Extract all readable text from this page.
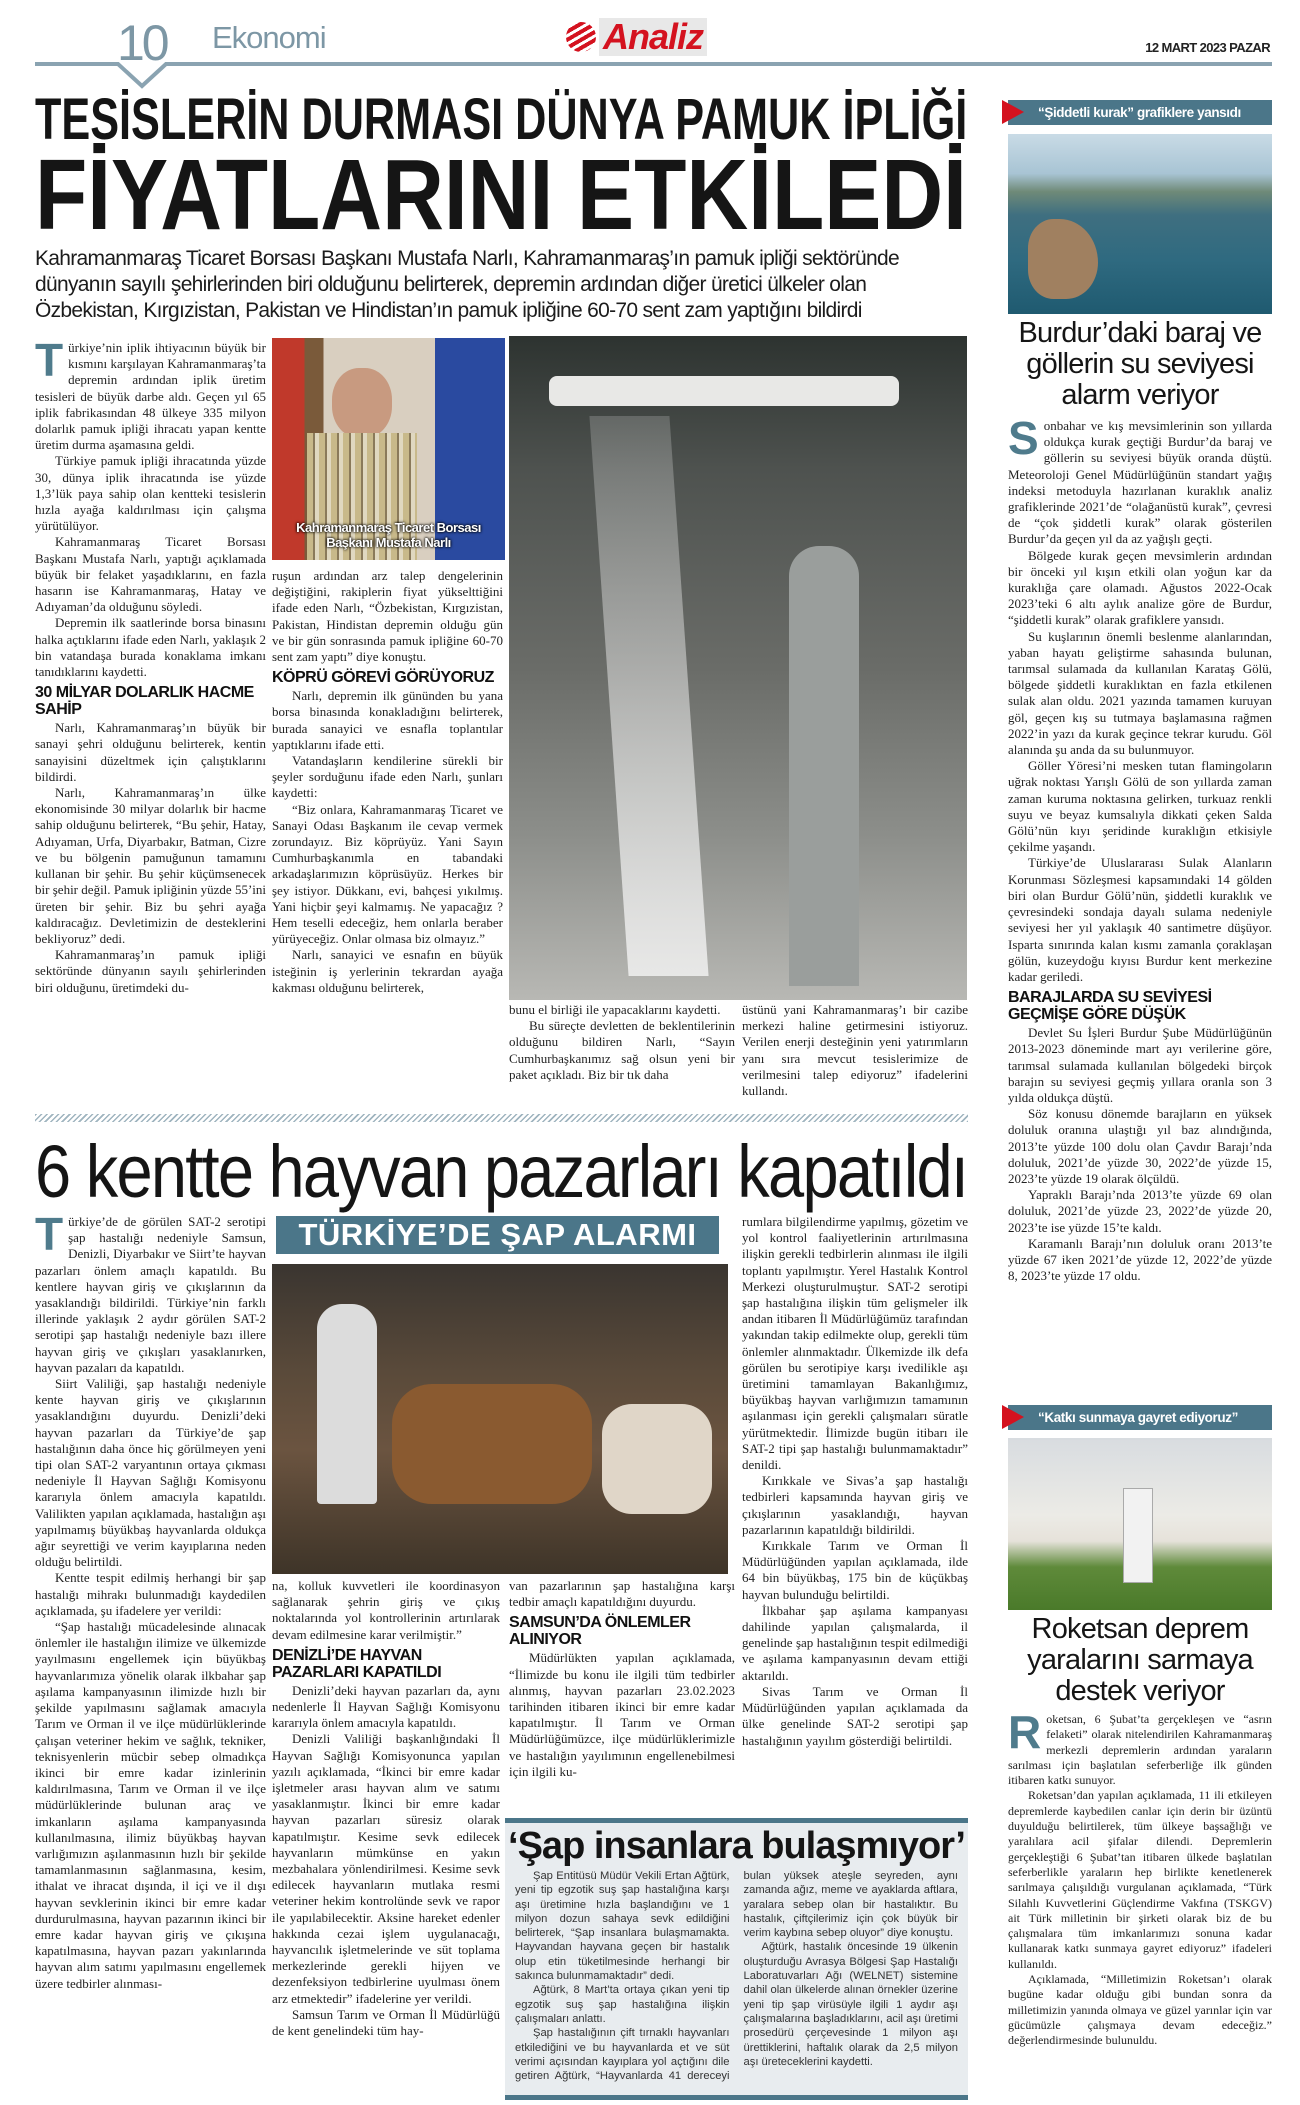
10 Ekonomi	Analiz	12 MART 2023 PAZAR
TESİSLERİN DURMASI DÜNYA PAMUK İPLİĞİ
FİYATLARINI ETKİLEDİ
Kahramanmaraş Ticaret Borsası Başkanı Mustafa Narlı, Kahramanmaraş’ın pamuk ipliği sektöründe dünyanın sayılı şehirlerinden biri olduğunu belirterek, depremin ardından diğer üretici ülkeler olan Özbekistan, Kırgızistan, Pakistan ve Hindistan’ın pamuk ipliğine 60-70 sent zam yaptığını bildirdi

Türkiye’nin iplik ihtiyacının büyük bir kısmını karşılayan Kahramanmaraş’ta depremin ardından iplik üretim tesisleri de büyük darbe aldı. Geçen yıl 65 iplik fabrikasından 48 ülkeye 335 milyon dolarlık pamuk ipliği ihracatı yapan kentte üretim durma aşamasına geldi.

Türkiye pamuk ipliği ihracatında yüzde 30, dünya iplik ihracatında ise yüzde 1,3’lük paya sahip olan kentteki tesislerin hızla ayağa kaldırılması için çalışma yürütülüyor.

Kahramanmaraş Ticaret Borsası Başkanı Mustafa Narlı, yaptığı açıklamada büyük bir felaket yaşadıklarını, en fazla hasarın ise Kahramanmaraş, Hatay ve Adıyaman’da olduğunu söyledi.

Depremin ilk saatlerinde borsa binasını halka açtıklarını ifade eden Narlı, yaklaşık 2 bin vatandaşa burada konaklama imkanı tanıdıklarını kaydetti.

30 MİLYAR DOLARLIK HACME SAHİP

Narlı, Kahramanmaraş’ın büyük bir sanayi şehri olduğunu belirterek, kentin sanayisini düzeltmek için çalıştıklarını bildirdi.

Narlı, Kahramanmaraş’ın ülke ekonomisinde 30 milyar dolarlık bir hacme sahip olduğunu belirterek, “Bu şehir, Hatay, Adıyaman, Urfa, Diyarbakır, Batman, Cizre ve bu bölgenin pamuğunun tamamını kullanan bir şehir. Bu şehir küçümsenecek bir şehir değil. Pamuk ipliğinin yüzde 55’ini üreten bir şehir. Biz bu şehri ayağa kaldıracağız. Devletimizin de desteklerini bekliyoruz” dedi.

Kahramanmaraş’ın pamuk ipliği sektöründe dünyanın sayılı şehirlerinden biri olduğunu, üretimdeki du-

Kahramanmaraş Ticaret Borsası Başkanı Mustafa Narlı

ruşun ardından arz talep dengelerinin değiştiğini, rakiplerin fiyat yükselttiğini ifade eden Narlı, “Özbekistan, Kırgızistan, Pakistan, Hindistan depremin olduğu gün ve bir gün sonrasında pamuk ipliğine 60-70 sent zam yaptı” diye konuştu.

KÖPRÜ GÖREVİ GÖRÜYORUZ

Narlı, depremin ilk gününden bu yana borsa binasında konakladığını belirterek, burada sanayici ve esnafla toplantılar yaptıklarını ifade etti.

Vatandaşların kendilerine sürekli bir şeyler sorduğunu ifade eden Narlı, şunları kaydetti:

“Biz onlara, Kahramanmaraş Ticaret ve Sanayi Odası Başkanım ile cevap vermek zorundayız. Biz köprüyüz. Yani Sayın Cumhurbaşkanımla en tabandaki arkadaşlarımızın köprüsüyüz. Herkes bir şey istiyor. Dükkanı, evi, bahçesi yıkılmış. Yani hiçbir şeyi kalmamış. Ne yapacağız ? Hem teselli edeceğiz, hem onlarla beraber yürüyeceğiz. Onlar olmasa biz olmayız.”

Narlı, sanayici ve esnafın en büyük isteğinin iş yerlerinin tekrardan ayağa kakması olduğunu belirterek,

bunu el birliği ile yapacaklarını kaydetti.

Bu süreçte devletten de beklentilerinin olduğunu bildiren Narlı, “Sayın Cumhurbaşkanımız sağ olsun yeni bir paket açıkladı. Biz bir tık daha

üstünü yani Kahramanmaraş’ı bir cazibe merkezi haline getirmesini istiyoruz. Verilen enerji desteğinin yeni yatırımların yanı sıra mevcut tesislerimize de verilmesini talep ediyoruz” ifadelerini kullandı.

6 kentte hayvan pazarları kapatıldı

Türkiye’de de görülen SAT-2 serotipi şap hastalığı nedeniyle Samsun, Denizli, Diyarbakır ve Siirt’te hayvan pazarları önlem amaçlı kapatıldı. Bu kentlere hayvan giriş ve çıkışlarının da yasaklandığı bildirildi. Türkiye’nin farklı illerinde yaklaşık 2 aydır görülen SAT-2 serotipi şap hastalığı nedeniyle bazı illere hayvan giriş ve çıkışları yasaklanırken, hayvan pazaları da kapatıldı.

Siirt Valiliği, şap hastalığı nedeniyle kente hayvan giriş ve çıkışlarının yasaklandığını duyurdu. Denizli’deki hayvan pazarları da Türkiye’de şap hastalığının daha önce hiç görülmeyen yeni tipi olan SAT-2 varyantının ortaya çıkması nedeniyle İl Hayvan Sağlığı Komisyonu kararıyla önlem amacıyla kapatıldı. Valilikten yapılan açıklamada, hastalığın aşı yapılmamış büyükbaş hayvanlarda oldukça ağır seyrettiği ve verim kayıplarına neden olduğu belirtildi.

Kentte tespit edilmiş herhangi bir şap hastalığı mihrakı bulunmadığı kaydedilen açıklamada, şu ifadelere yer verildi:

“Şap hastalığı mücadelesinde alınacak önlemler ile hastalığın ilimize ve ülkemizde yayılmasını engellemek için büyükbaş hayvanlarımıza yönelik olarak ilkbahar şap aşılama kampanyasının ilimizde hızlı bir şekilde yapılmasını sağlamak amacıyla Tarım ve Orman il ve ilçe müdürlüklerinde çalışan veteriner hekim ve sağlık, tekniker, teknisyenlerin mücbir sebep olmadıkça ikinci bir emre kadar izinlerinin kaldırılmasına, Tarım ve Orman il ve ilçe müdürlüklerinde bulunan araç ve imkanların aşılama kampanyasında kullanılmasına, ilimiz büyükbaş hayvan varlığımızın aşılanmasının hızlı bir şekilde tamamlanmasının sağlanmasına, kesim, ithalat ve ihracat dışında, il içi ve il dışı hayvan sevklerinin ikinci bir emre kadar durdurulmasına, hayvan pazarının ikinci bir emre kadar hayvan giriş ve çıkışına kapatılmasına, hayvan pazarı yakınlarında hayvan alım satımı yapılmasını engellemek üzere tedbirler alınması-

TÜRKİYE’DE ŞAP ALARMI

na, kolluk kuvvetleri ile koordinasyon sağlanarak şehrin giriş ve çıkış noktalarında yol kontrollerinin artırılarak devam edilmesine karar verilmiştir.”

DENİZLİ’DE HAYVAN PAZARLARI KAPATILDI

Denizli’deki hayvan pazarları da, aynı nedenlerle İl Hayvan Sağlığı Komisyonu kararıyla önlem amacıyla kapatıldı.

Denizli Valiliği başkanlığındaki İl Hayvan Sağlığı Komisyonunca yapılan yazılı açıklamada, “İkinci bir emre kadar işletmeler arası hayvan alım ve satımı yasaklanmıştır. İkinci bir emre kadar hayvan pazarları süresiz olarak kapatılmıştır. Kesime sevk edilecek hayvanların mümkünse en yakın mezbahalara yönlendirilmesi. Kesime sevk edilecek hayvanların mutlaka resmi veteriner hekim kontrolünde sevk ve rapor ile yapılabilecektir. Aksine hareket edenler hakkında cezai işlem uygulanacağı, hayvancılık işletmelerinde ve süt toplama merkezlerinde gerekli hijyen ve dezenfeksiyon tedbirlerine uyulması önem arz etmektedir” ifadelerine yer verildi.

Samsun Tarım ve Orman İl Müdürlüğü de kent genelindeki tüm hay-

van pazarlarının şap hastalığına karşı tedbir amaçlı kapatıldığını duyurdu.

SAMSUN’DA ÖNLEMLER ALINIYOR

Müdürlükten yapılan açıklamada, “İlimizde bu konu ile ilgili tüm tedbirler alınmış, hayvan pazarları 23.02.2023 tarihinden itibaren ikinci bir emre kadar kapatılmıştır. İl Tarım ve Orman Müdürlüğümüzce, ilçe müdürlüklerimizle ve hastalığın yayılımının engellenebilmesi için ilgili ku-

rumlara bilgilendirme yapılmış, gözetim ve yol kontrol faaliyetlerinin artırılmasına ilişkin gerekli tedbirlerin alınması ile ilgili toplantı yapılmıştır. Yerel Hastalık Kontrol Merkezi oluşturulmuştur. SAT-2 serotipi şap hastalığına ilişkin tüm gelişmeler ilk andan itibaren İl Müdürlüğümüz tarafından yakından takip edilmekte olup, gerekli tüm önlemler alınmaktadır. Ülkemizde ilk defa görülen bu serotipiye karşı ivedilikle aşı üretimini tamamlayan Bakanlığımız, büyükbaş hayvan varlığımızın tamamının aşılanması için gerekli çalışmaları süratle yürütmektedir. İlimizde bugün itibarı ile SAT-2 tipi şap hastalığı bulunmamaktadır” denildi.

Kırıkkale ve Sivas’a şap hastalığı tedbirleri kapsamında hayvan giriş ve çıkışlarının yasaklandığı, hayvan pazarlarının kapatıldığı bildirildi.

Kırıkkale Tarım ve Orman İl Müdürlüğünden yapılan açıklamada, ilde 64 bin büyükbaş, 175 bin de küçükbaş hayvan bulunduğu belirtildi.

İlkbahar şap aşılama kampanyası dahilinde yapılan çalışmalarda, il genelinde şap hastalığının tespit edilmediği ve aşılama kampanyasının devam ettiği aktarıldı.

Sivas Tarım ve Orman İl Müdürlüğünden yapılan açıklamada da ülke genelinde SAT-2 serotipi şap hastalığının yayılım gösterdiği belirtildi.

‘Şap insanlara bulaşmıyor’

Şap Entitüsü Müdür Vekili Ertan Ağtürk, yeni tip egzotik suş şap hastalığına karşı aşı üretimine hızla başlandığını ve 1 milyon dozun sahaya sevk edildiğini belirterek, “Şap insanlara bulaşmamakta. Hayvandan hayvana geçen bir hastalık olup etin tüketilmesinde herhangi bir sakınca bulunmamaktadır” dedi.

Ağtürk, 8 Mart’ta ortaya çıkan yeni tip egzotik suş şap hastalığına ilişkin çalışmaları anlattı.

Şap hastalığının çift tırnaklı hayvanları etkilediğini ve bu hayvanlarda et ve süt verimi açısından kayıplara yol açtığını dile getiren Ağtürk, “Hayvanlarda 41 dereceyi bulan yüksek ateşle seyreden, aynı zamanda ağız, meme ve ayaklarda aftlara, yaralara sebep olan bir hastalıktır. Bu hastalık, çiftçilerimiz için çok büyük bir verim kaybına sebep oluyor” diye konuştu.

Ağtürk, hastalık öncesinde 19 ülkenin oluşturduğu Avrasya Bölgesi Şap Hastalığı Laboratuvarları Ağı (WELNET) sistemine dahil olan ülkelerde alınan örnekler üzerine yeni tip şap virüsüyle ilgili 1 aydır aşı çalışmalarına başladıklarını, acil aşı üretimi prosedürü çerçevesinde 1 milyon aşı ürettiklerini, haftalık olarak da 2,5 milyon aşı üreteceklerini kaydetti.

“Şiddetli kurak” grafiklere yansıdı
Burdur’daki baraj ve göllerin su seviyesi alarm veriyor

Sonbahar ve kış mevsimlerinin son yıllarda oldukça kurak geçtiği Burdur’da baraj ve göllerin su seviyesi büyük oranda düştü. Meteoroloji Genel Müdürlüğünün standart yağış indeksi metoduyla hazırlanan kuraklık analiz grafiklerinde 2021’de “olağanüstü kurak”, çevresi de “çok şiddetli kurak” olarak gösterilen Burdur’da geçen yıl da az yağışlı geçti.

Bölgede kurak geçen mevsimlerin ardından bir önceki yıl kışın etkili olan yoğun kar da kuraklığa çare olamadı. Ağustos 2022-Ocak 2023’teki 6 altı aylık analize göre de Burdur, “şiddetli kurak” olarak grafiklere yansıdı.

Su kuşlarının önemli beslenme alanlarından, yaban hayatı geliştirme sahasında bulunan, tarımsal sulamada da kullanılan Karataş Gölü, bölgede şiddetli kuraklıktan en fazla etkilenen sulak alan oldu. 2021 yazında tamamen kuruyan göl, geçen kış su tutmaya başlamasına rağmen 2022’in yazı da kurak geçince tekrar kurudu. Göl alanında şu anda da su bulunmuyor.

Göller Yöresi’ni mesken tutan flamingoların uğrak noktası Yarışlı Gölü de son yıllarda zaman zaman kuruma noktasına gelirken, turkuaz renkli suyu ve beyaz kumsalıyla dikkati çeken Salda Gölü’nün kıyı şeridinde kuraklığın etkisiyle çekilme yaşandı.

Türkiye’de Uluslararası Sulak Alanların Korunması Sözleşmesi kapsamındaki 14 gölden biri olan Burdur Gölü’nün, şiddetli kuraklık ve çevresindeki sondaja dayalı sulama nedeniyle seviyesi her yıl yaklaşık 40 santimetre düşüyor. Isparta sınırında kalan kısmı zamanla çoraklaşan gölün, kuzeydoğu kıyısı Burdur kent merkezine kadar geriledi.

BARAJLARDA SU SEVİYESİ GEÇMİŞE GÖRE DÜŞÜK

Devlet Su İşleri Burdur Şube Müdürlüğünün 2013-2023 döneminde mart ayı verilerine göre, tarımsal sulamada kullanılan bölgedeki birçok barajın su seviyesi geçmiş yıllara oranla son 3 yılda oldukça düştü.

Söz konusu dönemde barajların en yüksek doluluk oranına ulaştığı yıl baz alındığında, 2013’te yüzde 100 dolu olan Çavdır Barajı’nda doluluk, 2021’de yüzde 30, 2022’de yüzde 15, 2023’te yüzde 19 olarak ölçüldü.

Yapraklı Barajı’nda 2013’te yüzde 69 olan doluluk, 2021’de yüzde 23, 2022’de yüzde 20, 2023’te ise yüzde 15’te kaldı.

Karamanlı Barajı’nın doluluk oranı 2013’te yüzde 67 iken 2021’de yüzde 12, 2022’de yüzde 8, 2023’te yüzde 17 oldu.

“Katkı sunmaya gayret ediyoruz”
Roketsan deprem yaralarını sarmaya destek veriyor

Roketsan, 6 Şubat’ta gerçekleşen ve “asrın felaketi” olarak nitelendirilen Kahramanmaraş merkezli depremlerin ardından yaraların sarılması için başlatılan seferberliğe ilk günden itibaren katkı sunuyor.

Roketsan’dan yapılan açıklamada, 11 ili etkileyen depremlerde kaybedilen canlar için derin bir üzüntü duyulduğu belirtilerek, tüm ülkeye başsağlığı ve yaralılara acil şifalar dilendi. Depremlerin gerçekleştiği 6 Şubat’tan itibaren ülkede başlatılan seferberlikle yaraların hep birlikte kenetlenerek sarılmaya çalışıldığı vurgulanan açıklamada, “Türk Silahlı Kuvvetlerini Güçlendirme Vakfına (TSKGV) ait Türk milletinin bir şirketi olarak biz de bu çalışmalara tüm imkanlarımızı sonuna kadar kullanarak katkı sunmaya gayret ediyoruz” ifadeleri kullanıldı.

Açıklamada, “Milletimizin Roketsan’ı olarak bugüne kadar olduğu gibi bundan sonra da milletimizin yanında olmaya ve güzel yarınlar için var gücümüzle çalışmaya devam edeceğiz.” değerlendirmesinde bulunuldu.
